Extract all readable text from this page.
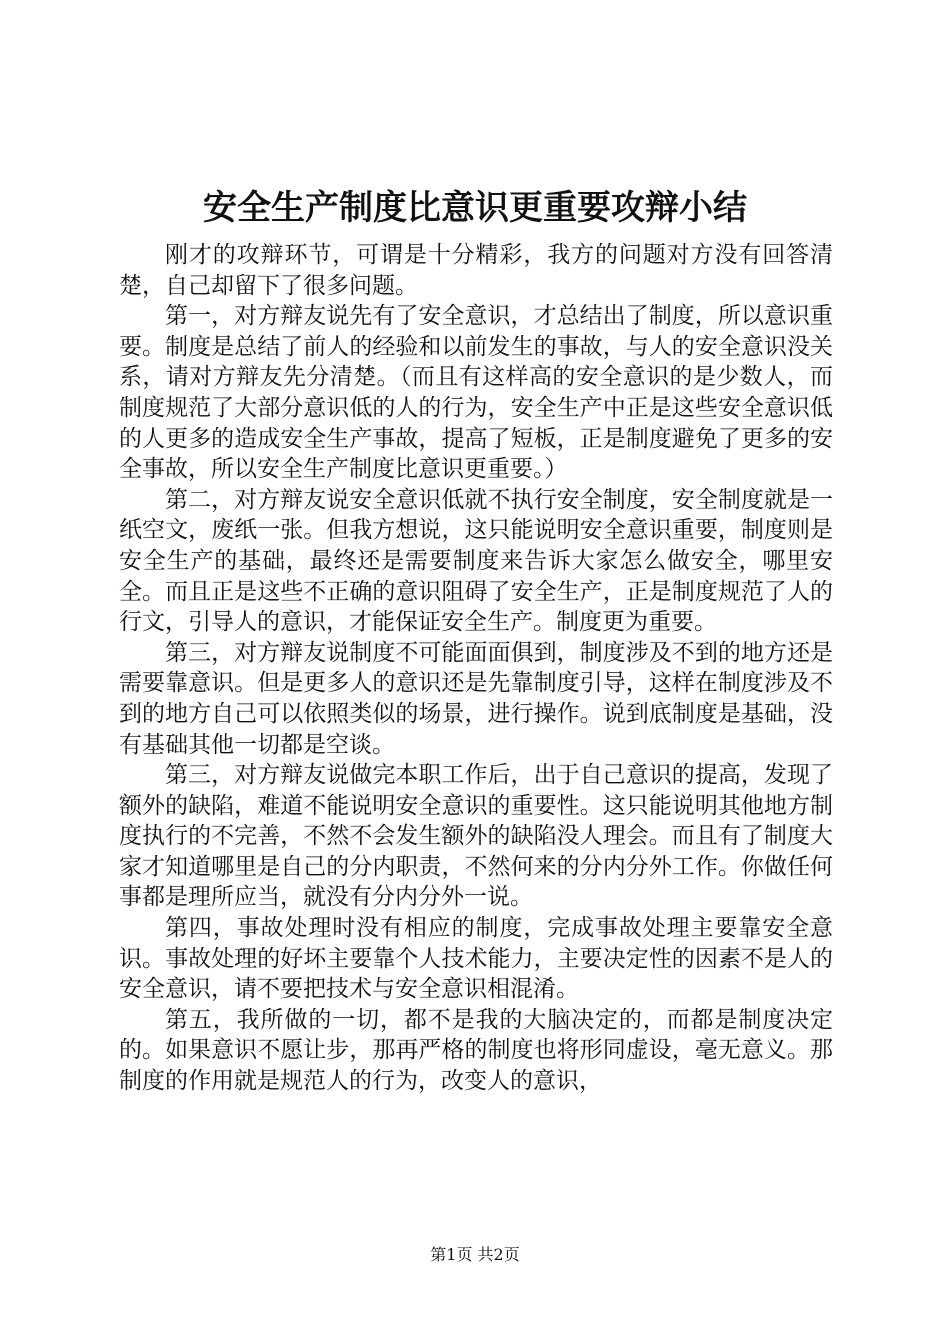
安全生产制度比意识更重要攻辩小结

刚才的攻辩环节，可谓是十分精彩，我方的问题对方没有回答清楚，自己却留下了很多问题。

第一，对方辩友说先有了安全意识，才总结出了制度，所以意识重要。制度是总结了前人的经验和以前发生的事故，与人的安全意识没关系，请对方辩友先分清楚。（而且有这样高的安全意识的是少数人，而制度规范了大部分意识低的人的行为，安全生产中正是这些安全意识低的人更多的造成安全生产事故，提高了短板，正是制度避免了更多的安全事故，所以安全生产制度比意识更重要。）

第二，对方辩友说安全意识低就不执行安全制度，安全制度就是一纸空文，废纸一张。但我方想说，这只能说明安全意识重要，制度则是安全生产的基础，最终还是需要制度来告诉大家怎么做安全，哪里安全。而且正是这些不正确的意识阻碍了安全生产，正是制度规范了人的行文，引导人的意识，才能保证安全生产。制度更为重要。

第三，对方辩友说制度不可能面面俱到，制度涉及不到的地方还是需要靠意识。但是更多人的意识还是先靠制度引导，这样在制度涉及不到的地方自己可以依照类似的场景，进行操作。说到底制度是基础，没有基础其他一切都是空谈。

第三，对方辩友说做完本职工作后，出于自己意识的提高，发现了额外的缺陷，难道不能说明安全意识的重要性。这只能说明其他地方制度执行的不完善，不然不会发生额外的缺陷没人理会。而且有了制度大家才知道哪里是自己的分内职责，不然何来的分内分外工作。你做任何事都是理所应当，就没有分内分外一说。

第四，事故处理时没有相应的制度，完成事故处理主要靠安全意识。事故处理的好坏主要靠个人技术能力，主要决定性的因素不是人的安全意识，请不要把技术与安全意识相混淆。

第五，我所做的一切，都不是我的大脑决定的，而都是制度决定的。如果意识不愿让步，那再严格的制度也将形同虚设，毫无意义。那制度的作用就是规范人的行为，改变人的意识，

第1页 共2页
